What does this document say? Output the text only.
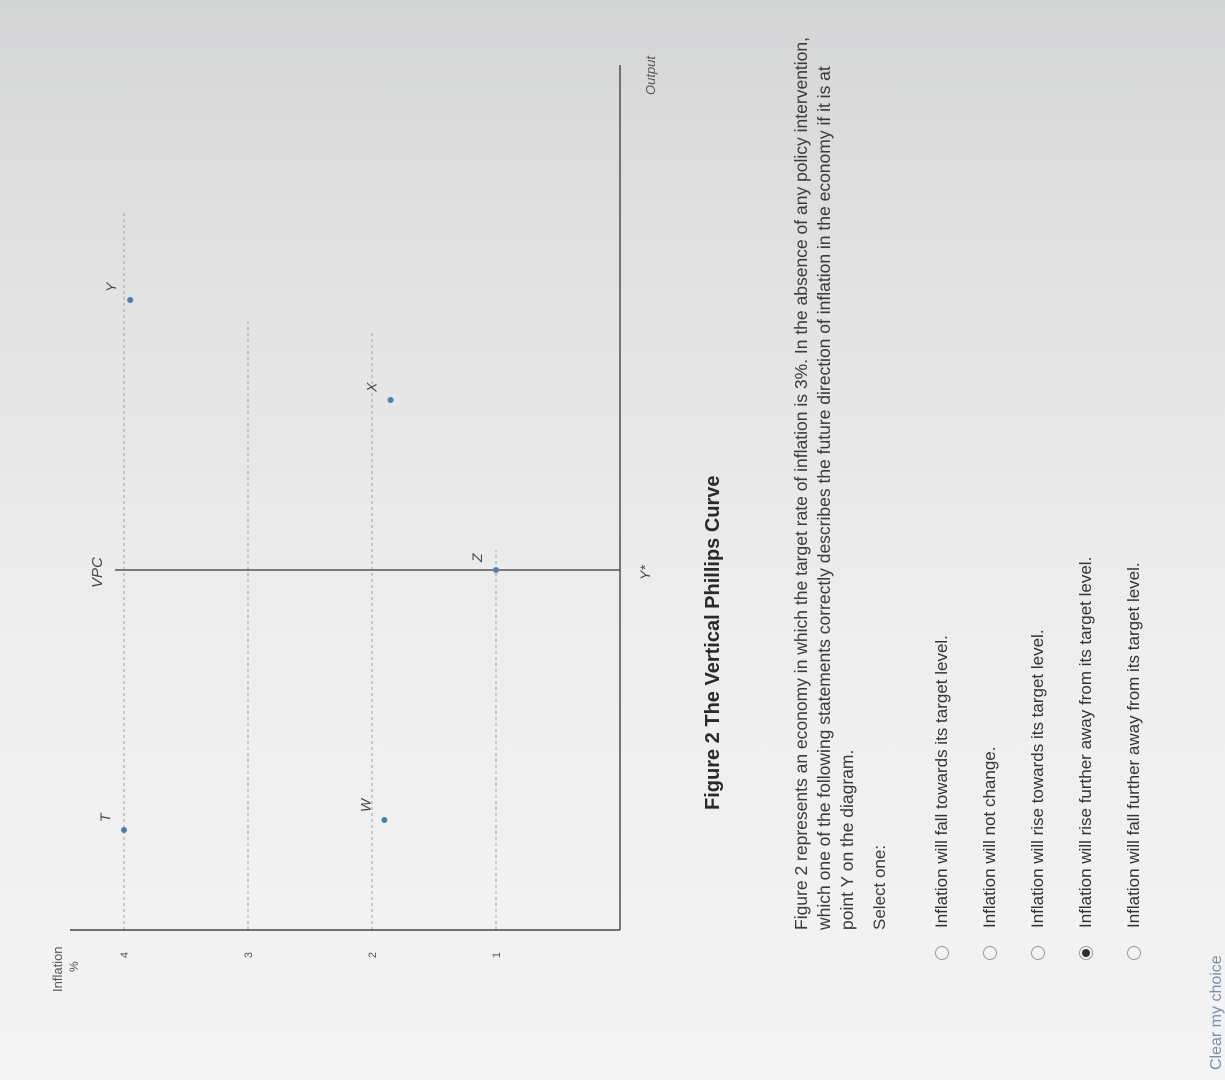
1
2
3
4
Inflation %
Output
VPC	Y*
T
W
Z
X
Y
Figure 2 The Vertical Phillips Curve	Figure 2 represents an economy in which the target rate of inflation is 3%. In the absence of any policy intervention, which one of the following statements correctly describes the future direction of inflation in the economy if it is at point Y on the diagram. Select one:	Inflation will fall towards its target level. Inflation will not change. Inflation will rise towards its target level. Inflation will rise further away from its target level. Inflation will fall further away from its target level.
Clear my choice
